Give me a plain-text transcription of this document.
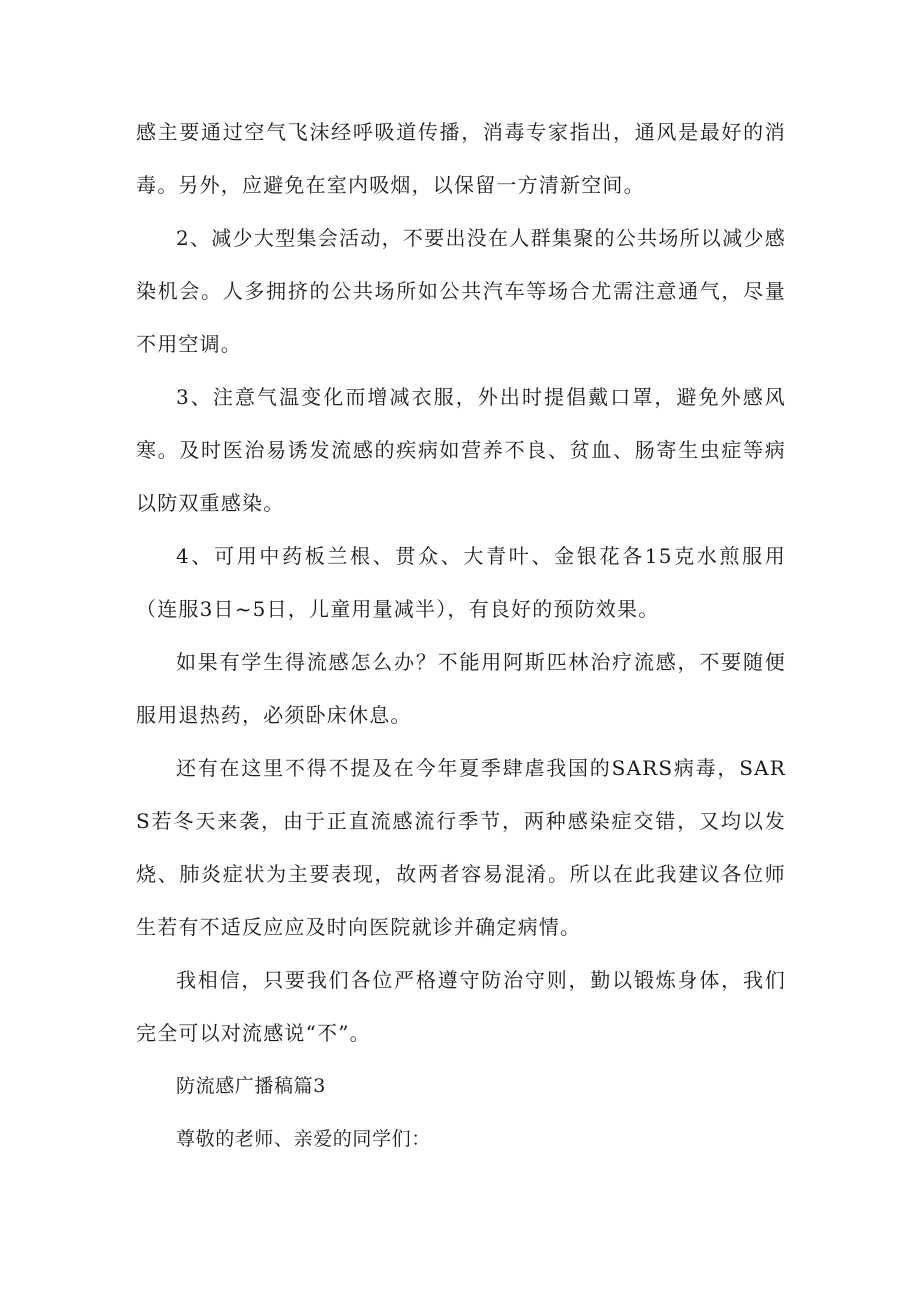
感主要通过空气飞沫经呼吸道传播，消毒专家指出，通风是最好的消毒。另外，应避免在室内吸烟，以保留一方清新空间。

2、减少大型集会活动，不要出没在人群集聚的公共场所以减少感染机会。人多拥挤的公共场所如公共汽车等场合尤需注意通气，尽量不用空调。

3、注意气温变化而增减衣服，外出时提倡戴口罩，避免外感风寒。及时医治易诱发流感的疾病如营养不良、贫血、肠寄生虫症等病以防双重感染。

4、可用中药板兰根、贯众、大青叶、金银花各15克水煎服用（连服3日~5日，儿童用量减半），有良好的预防效果。

如果有学生得流感怎么办？不能用阿斯匹林治疗流感，不要随便服用退热药，必须卧床休息。

还有在这里不得不提及在今年夏季肆虐我国的SARS病毒，SARS若冬天来袭，由于正直流感流行季节，两种感染症交错，又均以发烧、肺炎症状为主要表现，故两者容易混淆。所以在此我建议各位师生若有不适反应应及时向医院就诊并确定病情。

我相信，只要我们各位严格遵守防治守则，勤以锻炼身体，我们完全可以对流感说“不”。

防流感广播稿篇3

尊敬的老师、亲爱的同学们：
